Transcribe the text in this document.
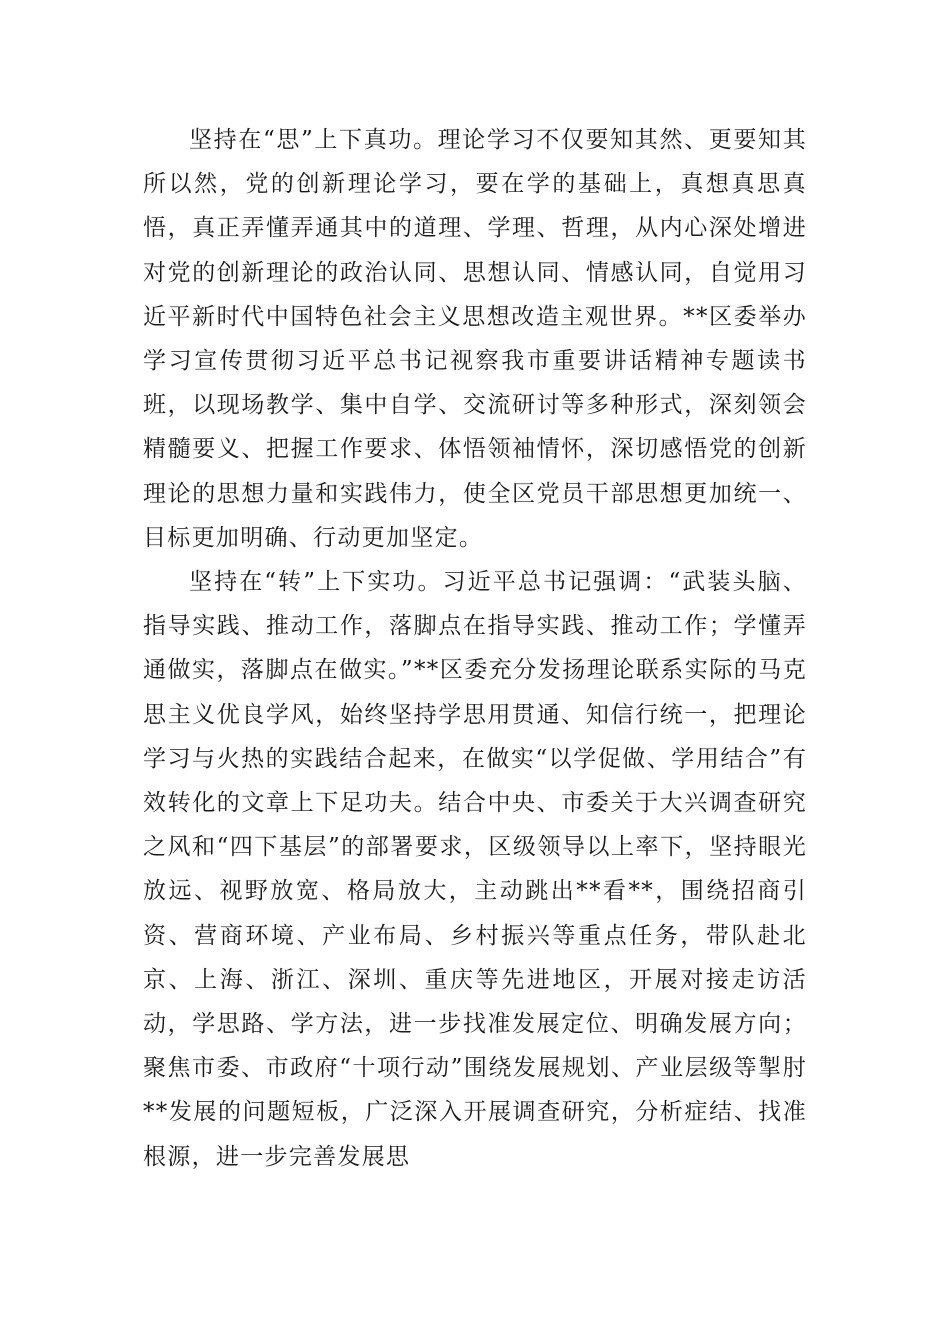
坚持在“思”上下真功。理论学习不仅要知其然、更要知其所以然，党的创新理论学习，要在学的基础上，真想真思真悟，真正弄懂弄通其中的道理、学理、哲理，从内心深处增进对党的创新理论的政治认同、思想认同、情感认同，自觉用习近平新时代中国特色社会主义思想改造主观世界。**区委举办学习宣传贯彻习近平总书记视察我市重要讲话精神专题读书班，以现场教学、集中自学、交流研讨等多种形式，深刻领会精髓要义、把握工作要求、体悟领袖情怀，深切感悟党的创新理论的思想力量和实践伟力，使全区党员干部思想更加统一、目标更加明确、行动更加坚定。

坚持在“转”上下实功。习近平总书记强调：“武装头脑、指导实践、推动工作，落脚点在指导实践、推动工作；学懂弄通做实，落脚点在做实。”**区委充分发扬理论联系实际的马克思主义优良学风，始终坚持学思用贯通、知信行统一，把理论学习与火热的实践结合起来，在做实“以学促做、学用结合”有效转化的文章上下足功夫。结合中央、市委关于大兴调查研究之风和“四下基层”的部署要求，区级领导以上率下，坚持眼光放远、视野放宽、格局放大，主动跳出**看**，围绕招商引资、营商环境、产业布局、乡村振兴等重点任务，带队赴北京、上海、浙江、深圳、重庆等先进地区，开展对接走访活动，学思路、学方法，进一步找准发展定位、明确发展方向；聚焦市委、市政府“十项行动”围绕发展规划、产业层级等掣肘**发展的问题短板，广泛深入开展调查研究，分析症结、找准根源，进一步完善发展思
